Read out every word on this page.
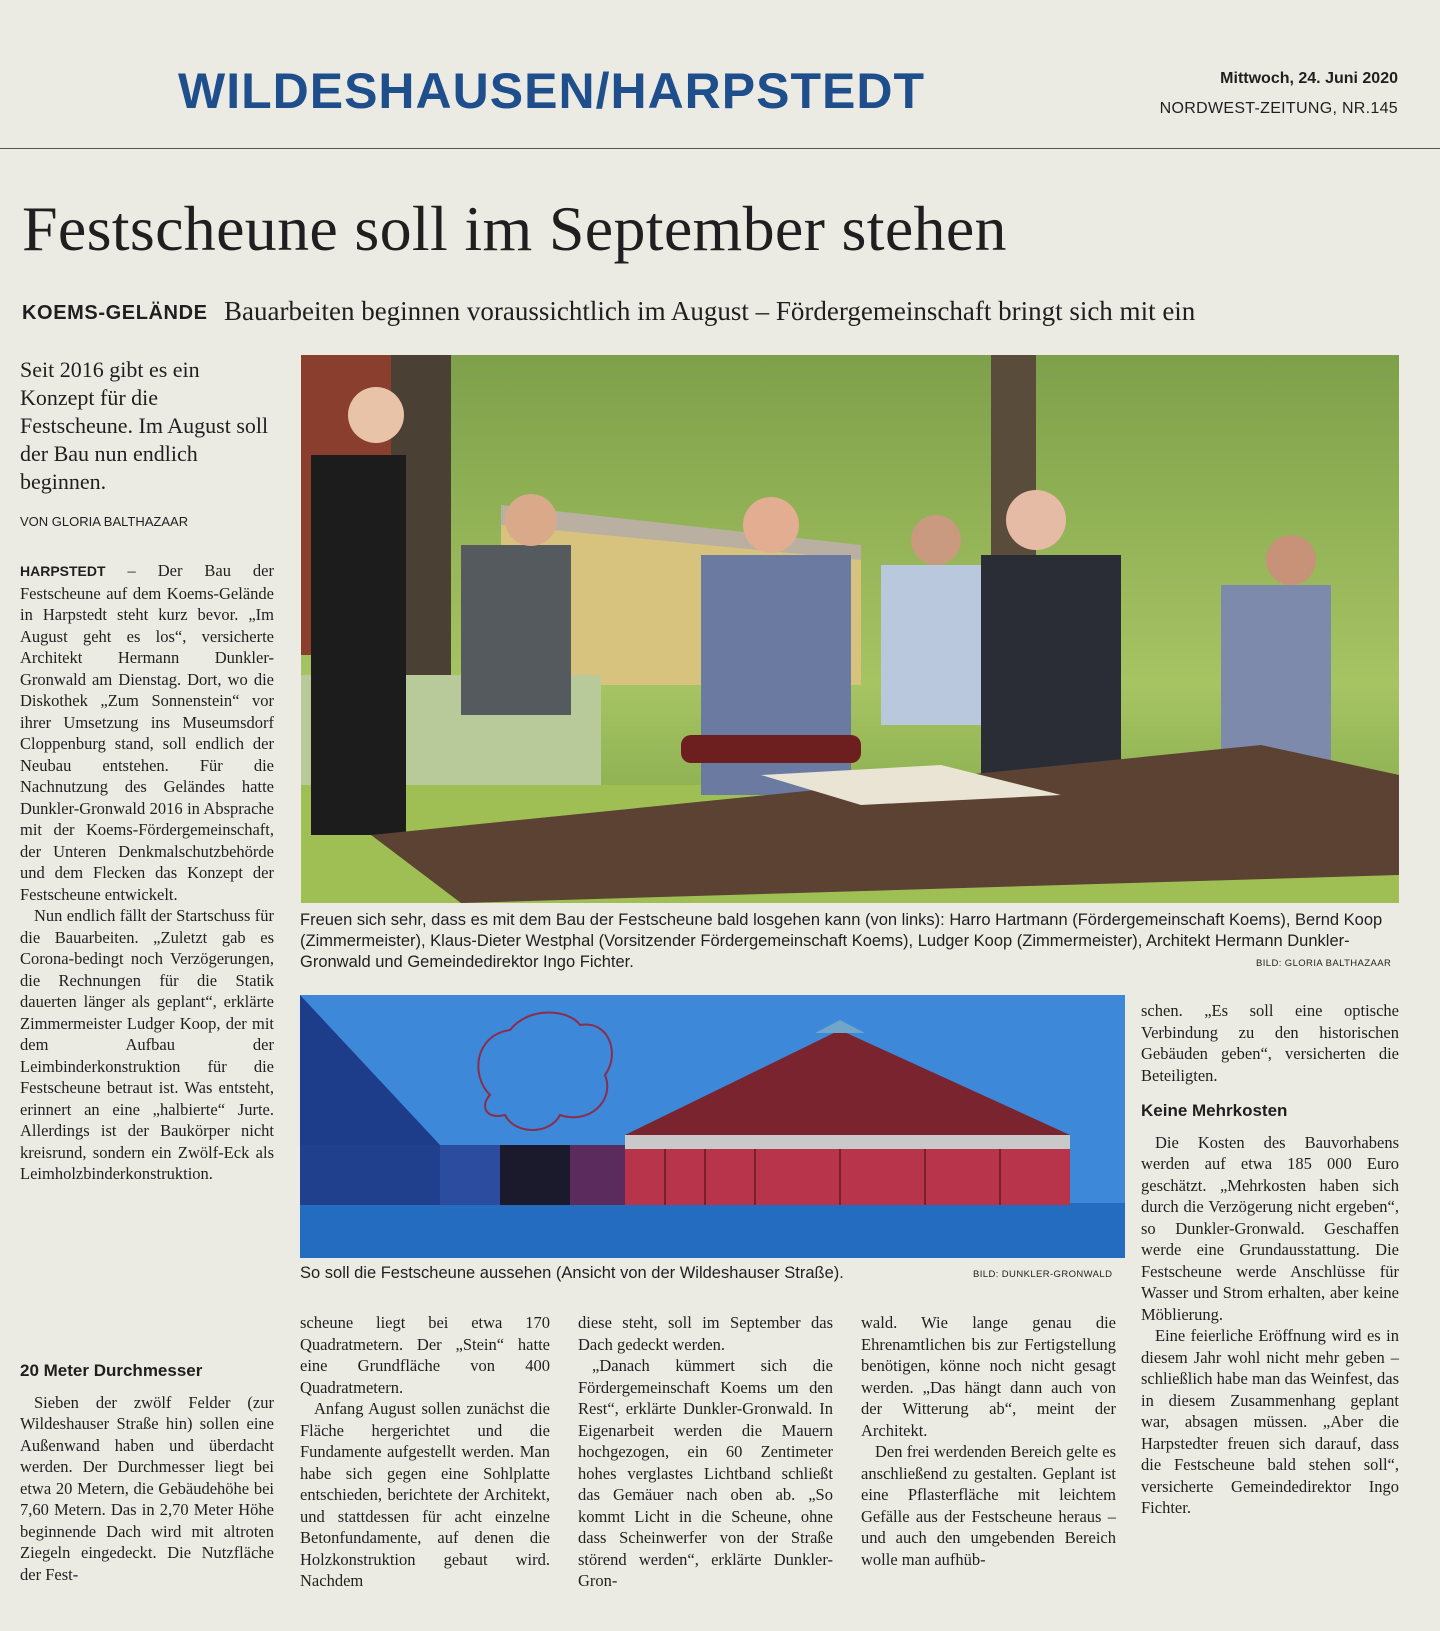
WILDESHAUSEN/HARPSTEDT	Mittwoch, 24. Juni 2020
NORDWEST-ZEITUNG, NR.145
Festscheune soll im September stehen
KOEMS-GELÄNDE Bauarbeiten beginnen voraussichtlich im August – Fördergemeinschaft bringt sich mit ein
Seit 2016 gibt es ein Konzept für die Festscheune. Im August soll der Bau nun endlich beginnen.
VON GLORIA BALTHAZAAR

HARPSTEDT – Der Bau der Festscheune auf dem Koems-Gelände in Harpstedt steht kurz bevor. „Im August geht es los“, versicherte Architekt Hermann Dunkler-Gronwald am Dienstag. Dort, wo die Diskothek „Zum Sonnenstein“ vor ihrer Umsetzung ins Museumsdorf Cloppenburg stand, soll endlich der Neubau entstehen. Für die Nachnutzung des Geländes hatte Dunkler-Gronwald 2016 in Absprache mit der Koems-Fördergemeinschaft, der Unteren Denkmalschutzbehörde und dem Flecken das Konzept der Festscheune entwickelt.

Nun endlich fällt der Startschuss für die Bauarbeiten. „Zuletzt gab es Corona-bedingt noch Verzögerungen, die Rechnungen für die Statik dauerten länger als geplant“, erklärte Zimmermeister Ludger Koop, der mit dem Aufbau der Leimbinderkonstruktion für die Festscheune betraut ist. Was entsteht, erinnert an eine „halbierte“ Jurte. Allerdings ist der Baukörper nicht kreisrund, sondern ein Zwölf-Eck als Leimholzbinderkonstruktion.

20 Meter Durchmesser

Sieben der zwölf Felder (zur Wildeshauser Straße hin) sollen eine Außenwand haben und überdacht werden. Der Durchmesser liegt bei etwa 20 Metern, die Gebäudehöhe bei 7,60 Metern. Das in 2,70 Meter Höhe beginnende Dach wird mit altroten Ziegeln eingedeckt. Die Nutzfläche der Fest-

Freuen sich sehr, dass es mit dem Bau der Festscheune bald losgehen kann (von links): Harro Hartmann (Fördergemeinschaft Koems), Bernd Koop (Zimmermeister), Klaus-Dieter Westphal (Vorsitzender Fördergemeinschaft Koems), Ludger Koop (Zimmermeister), Architekt Hermann Dunkler-Gronwald und Gemeindedirektor Ingo Fichter.	BILD: GLORIA BALTHAZAAR
So soll die Festscheune aussehen (Ansicht von der Wildeshauser Straße).	BILD: DUNKLER-GRONWALD

scheune liegt bei etwa 170 Quadratmetern. Der „Stein“ hatte eine Grundfläche von 400 Quadratmetern.

Anfang August sollen zunächst die Fläche hergerichtet und die Fundamente aufgestellt werden. Man habe sich gegen eine Sohlplatte entschieden, berichtete der Architekt, und stattdessen für acht einzelne Betonfundamente, auf denen die Holzkonstruktion gebaut wird. Nachdem

diese steht, soll im September das Dach gedeckt werden.

„Danach kümmert sich die Fördergemeinschaft Koems um den Rest“, erklärte Dunkler-Gronwald. In Eigenarbeit werden die Mauern hochgezogen, ein 60 Zentimeter hohes verglastes Lichtband schließt das Gemäuer nach oben ab. „So kommt Licht in die Scheune, ohne dass Scheinwerfer von der Straße störend werden“, erklärte Dunkler-Gron-

wald. Wie lange genau die Ehrenamtlichen bis zur Fertigstellung benötigen, könne noch nicht gesagt werden. „Das hängt dann auch von der Witterung ab“, meint der Architekt.

Den frei werdenden Bereich gelte es anschließend zu gestalten. Geplant ist eine Pflasterfläche mit leichtem Gefälle aus der Festscheune heraus – und auch den umgebenden Bereich wolle man aufhüb-

schen. „Es soll eine optische Verbindung zu den historischen Gebäuden geben“, versicherten die Beteiligten.

Keine Mehrkosten

Die Kosten des Bauvorhabens werden auf etwa 185 000 Euro geschätzt. „Mehrkosten haben sich durch die Verzögerung nicht ergeben“, so Dunkler-Gronwald. Geschaffen werde eine Grundausstattung. Die Festscheune werde Anschlüsse für Wasser und Strom erhalten, aber keine Möblierung.

Eine feierliche Eröffnung wird es in diesem Jahr wohl nicht mehr geben – schließlich habe man das Weinfest, das in diesem Zusammenhang geplant war, absagen müssen. „Aber die Harpstedter freuen sich darauf, dass die Festscheune bald stehen soll“, versicherte Gemeindedirektor Ingo Fichter.
